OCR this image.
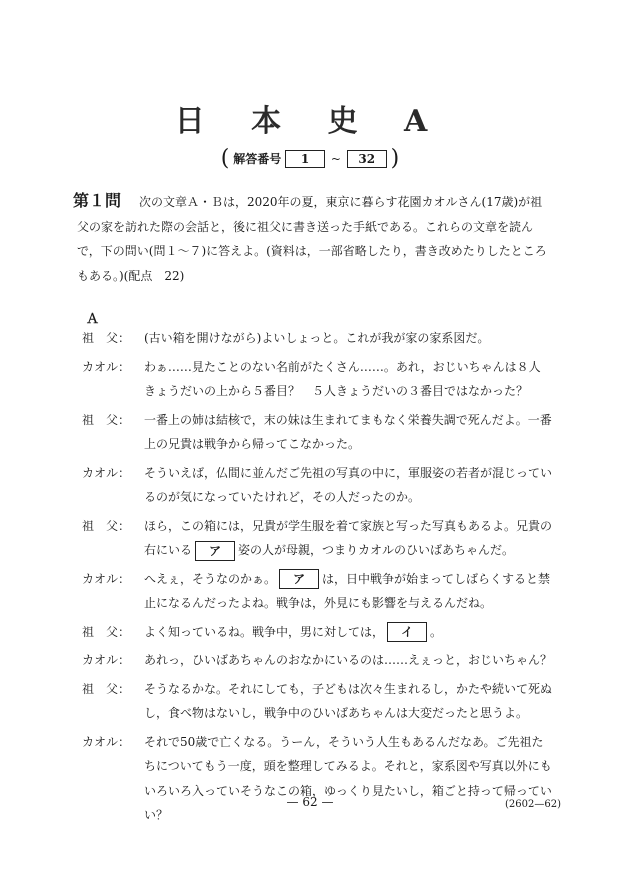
日 本 史 A
( 解答番号 1 ~ 32 )
第１問	次の文章Ａ・Ｂは，2020年の夏，東京に暮らす花園カオルさん(17歳)が祖父の家を訪れた際の会話と，後に祖父に書き送った手紙である。これらの文章を読んで，下の問い(問１〜７)に答えよ。(資料は，一部省略したり，書き改めたりしたところもある。)(配点　22)

Ａ
祖　父：	(古い箱を開けながら)よいしょっと。これが我が家の家系図だ。
カオル：	わぁ……見たことのない名前がたくさん……。あれ，おじいちゃんは８人きょうだいの上から５番目？　５人きょうだいの３番目ではなかった？
祖　父：	一番上の姉は結核で，末の妹は生まれてまもなく栄養失調で死んだよ。一番上の兄貴は戦争から帰ってこなかった。
カオル：	そういえば，仏間に並んだご先祖の写真の中に，軍服姿の若者が混じっているのが気になっていたけれど，その人だったのか。
祖　父：	ほら，この箱には，兄貴が学生服を着て家族と写った写真もあるよ。兄貴の右にいる ア 姿の人が母親，つまりカオルのひいばあちゃんだ。
カオル：	へえぇ，そうなのかぁ。 ア は，日中戦争が始まってしばらくすると禁止になるんだったよね。戦争は，外見にも影響を与えるんだね。
祖　父：	よく知っているね。戦争中，男に対しては， イ 。
カオル：	あれっ，ひいばあちゃんのおなかにいるのは……えぇっと，おじいちゃん？
祖　父：	そうなるかな。それにしても，子どもは次々生まれるし，かたや続いて死ぬし，食べ物はないし，戦争中のひいばあちゃんは大変だったと思うよ。
カオル：	それで50歳で亡くなる。うーん，そういう人生もあるんだなあ。ご先祖たちについてもう一度，頭を整理してみるよ。それと，家系図や写真以外にもいろいろ入っていそうなこの箱，ゆっくり見たいし，箱ごと持って帰っていい？
— 62 —	(2602—62)
